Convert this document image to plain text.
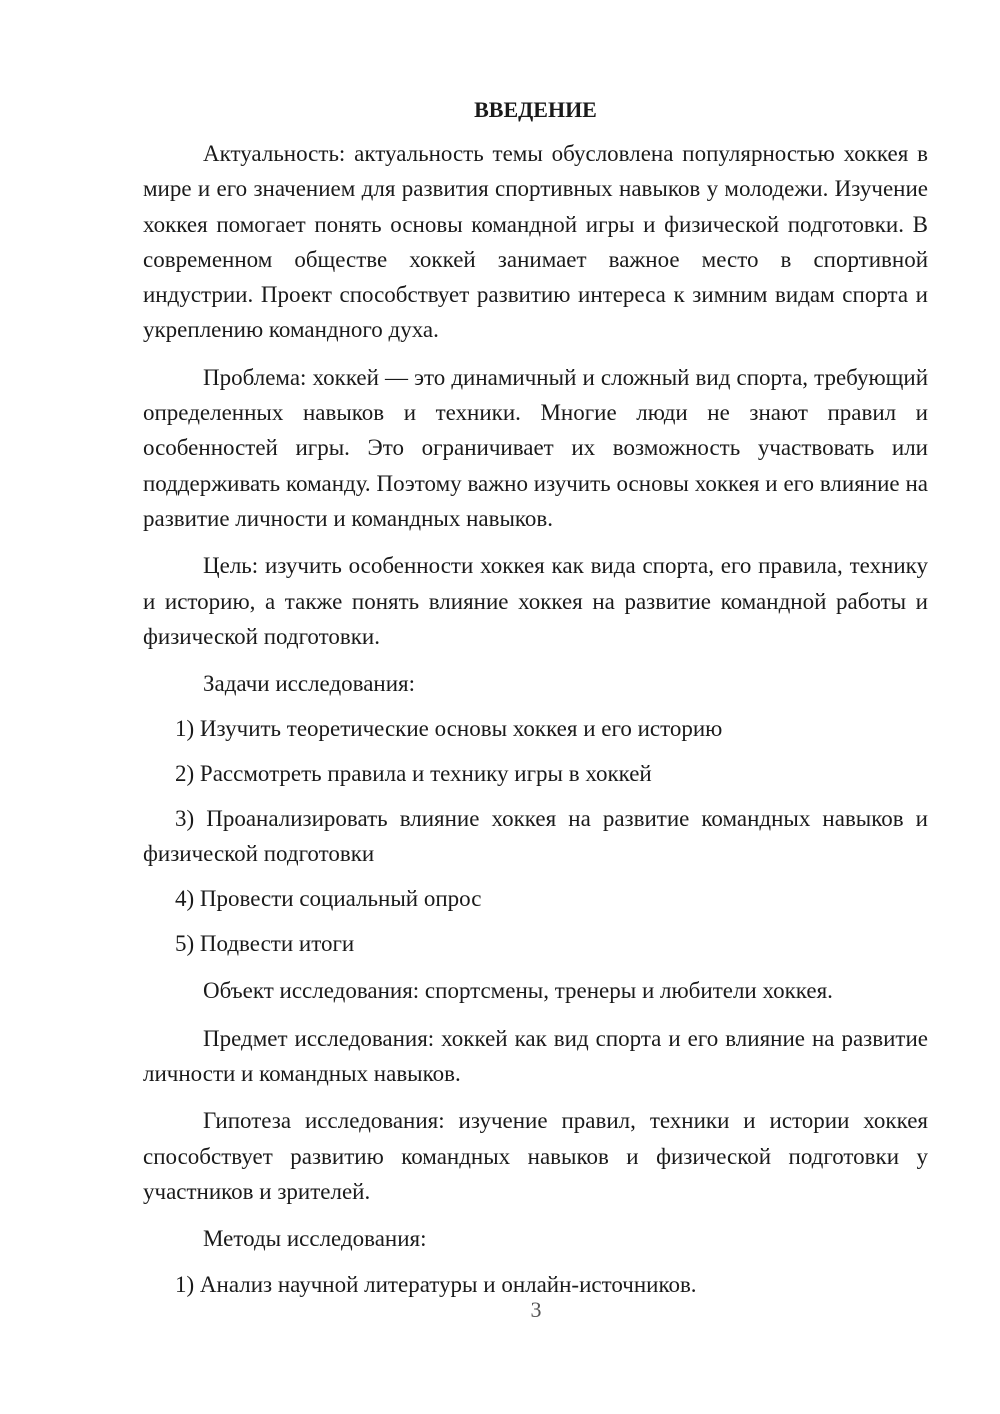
ВВЕДЕНИЕ

Актуальность: актуальность темы обусловлена популярностью хоккея в мире и его значением для развития спортивных навыков у молодежи. Изучение хоккея помогает понять основы командной игры и физической подготовки. В современном обществе хоккей занимает важное место в спортивной индустрии. Проект способствует развитию интереса к зимним видам спорта и укреплению командного духа.

Проблема: хоккей — это динамичный и сложный вид спорта, требующий определенных навыков и техники. Многие люди не знают правил и особенностей игры. Это ограничивает их возможность участвовать или поддерживать команду. Поэтому важно изучить основы хоккея и его влияние на развитие личности и командных навыков.

Цель: изучить особенности хоккея как вида спорта, его правила, технику и историю, а также понять влияние хоккея на развитие командной работы и физической подготовки.

Задачи исследования:

1) Изучить теоретические основы хоккея и его историю

2) Рассмотреть правила и технику игры в хоккей

3) Проанализировать влияние хоккея на развитие командных навыков и физической подготовки

4) Провести социальный опрос

5) Подвести итоги

Объект исследования: спортсмены, тренеры и любители хоккея.

Предмет исследования: хоккей как вид спорта и его влияние на развитие личности и командных навыков.

Гипотеза исследования: изучение правил, техники и истории хоккея способствует развитию командных навыков и физической подготовки у участников и зрителей.

Методы исследования:

1) Анализ научной литературы и онлайн-источников.

3
